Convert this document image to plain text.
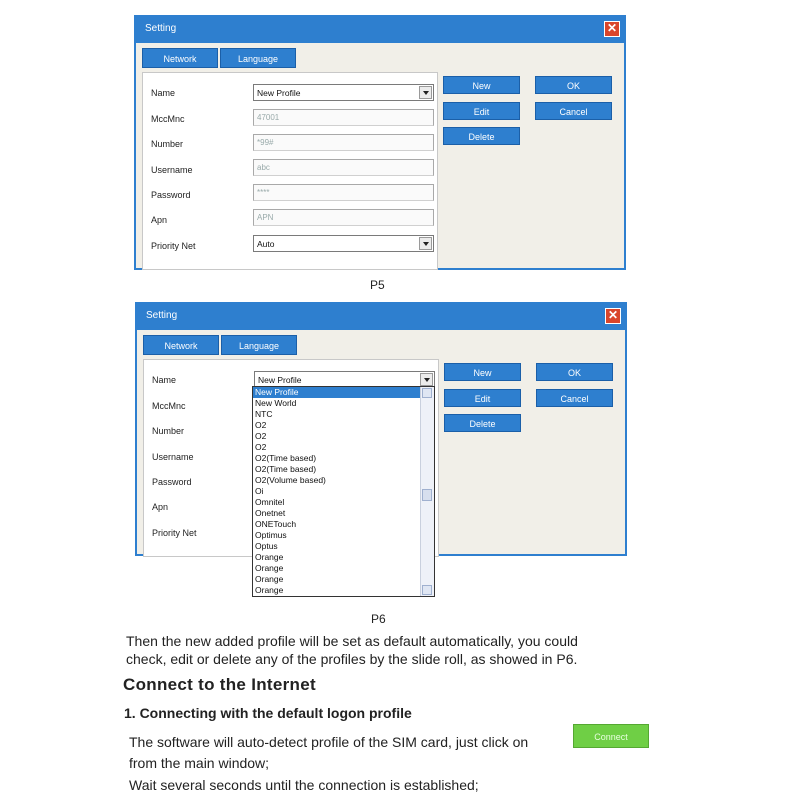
Setting	✕
Network	Language
Name	New Profile
MccMnc	47001
Number	*99#
Username	abc
Password	****
Apn	APN
Priority Net	Auto
New
Edit
Delete
OK
Cancel
P5
Setting	✕
Network	Language
Name	New Profile
MccMnc
Number
Username
Password
Apn
Priority Net
New
Edit
Delete
OK
Cancel
New Profile
New World
NTC
O2
O2
O2
O2(Time based)
O2(Time based)
O2(Volume based)
Oi
Omnitel
Onetnet
ONETouch
Optimus
Optus
Orange
Orange
Orange
Orange
P6
Then the new added profile will be set as default automatically, you could
check, edit or delete any of the profiles by the slide roll, as showed in P6.
Connect to the Internet
1. Connecting with the default logon profile
The software will auto-detect profile of the SIM card, just click on	Connect
from the main window;
Wait several seconds until the connection is established;
